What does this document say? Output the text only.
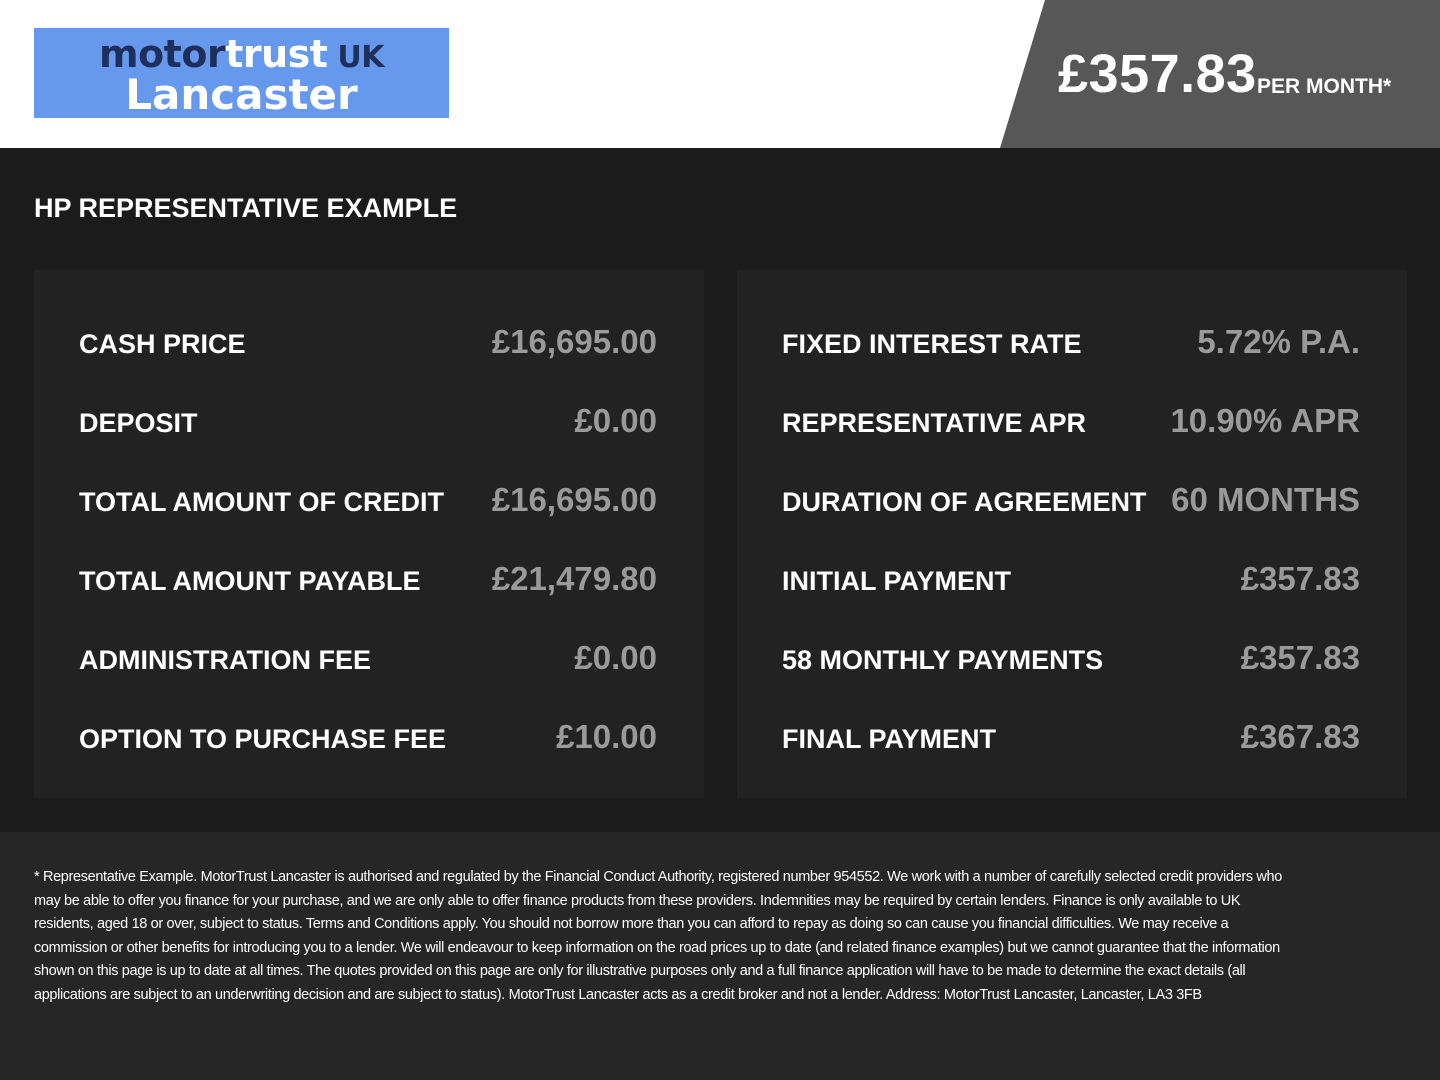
motortrust UK
Lancaster	£357.83 PER MONTH*
HP REPRESENTATIVE EXAMPLE
CASH PRICE	£16,695.00
DEPOSIT	£0.00
TOTAL AMOUNT OF CREDIT £16,695.00
TOTAL AMOUNT PAYABLE £21,479.80
ADMINISTRATION FEE	£0.00
OPTION TO PURCHASE FEE	£10.00
FIXED INTEREST RATE	5.72% P.A.
REPRESENTATIVE APR	10.90% APR
DURATION OF AGREEMENT 60 MONTHS
INITIAL PAYMENT	£357.83
58 MONTHLY PAYMENTS	£357.83
FINAL PAYMENT	£367.83
* Representative Example. MotorTrust Lancaster is authorised and regulated by the Financial Conduct Authority, registered number 954552. We work with a number of carefully selected credit providers who may be able to offer you finance for your purchase, and we are only able to offer finance products from these providers. Indemnities may be required by certain lenders. Finance is only available to UK residents, aged 18 or over, subject to status. Terms and Conditions apply. You should not borrow more than you can afford to repay as doing so can cause you financial difficulties. We may receive a commission or other benefits for introducing you to a lender. We will endeavour to keep information on the road prices up to date (and related finance examples) but we cannot guarantee that the information shown on this page is up to date at all times. The quotes provided on this page are only for illustrative purposes only and a full finance application will have to be made to determine the exact details (all applications are subject to an underwriting decision and are subject to status). MotorTrust Lancaster acts as a credit broker and not a lender. Address: MotorTrust Lancaster, Lancaster, LA3 3FB
